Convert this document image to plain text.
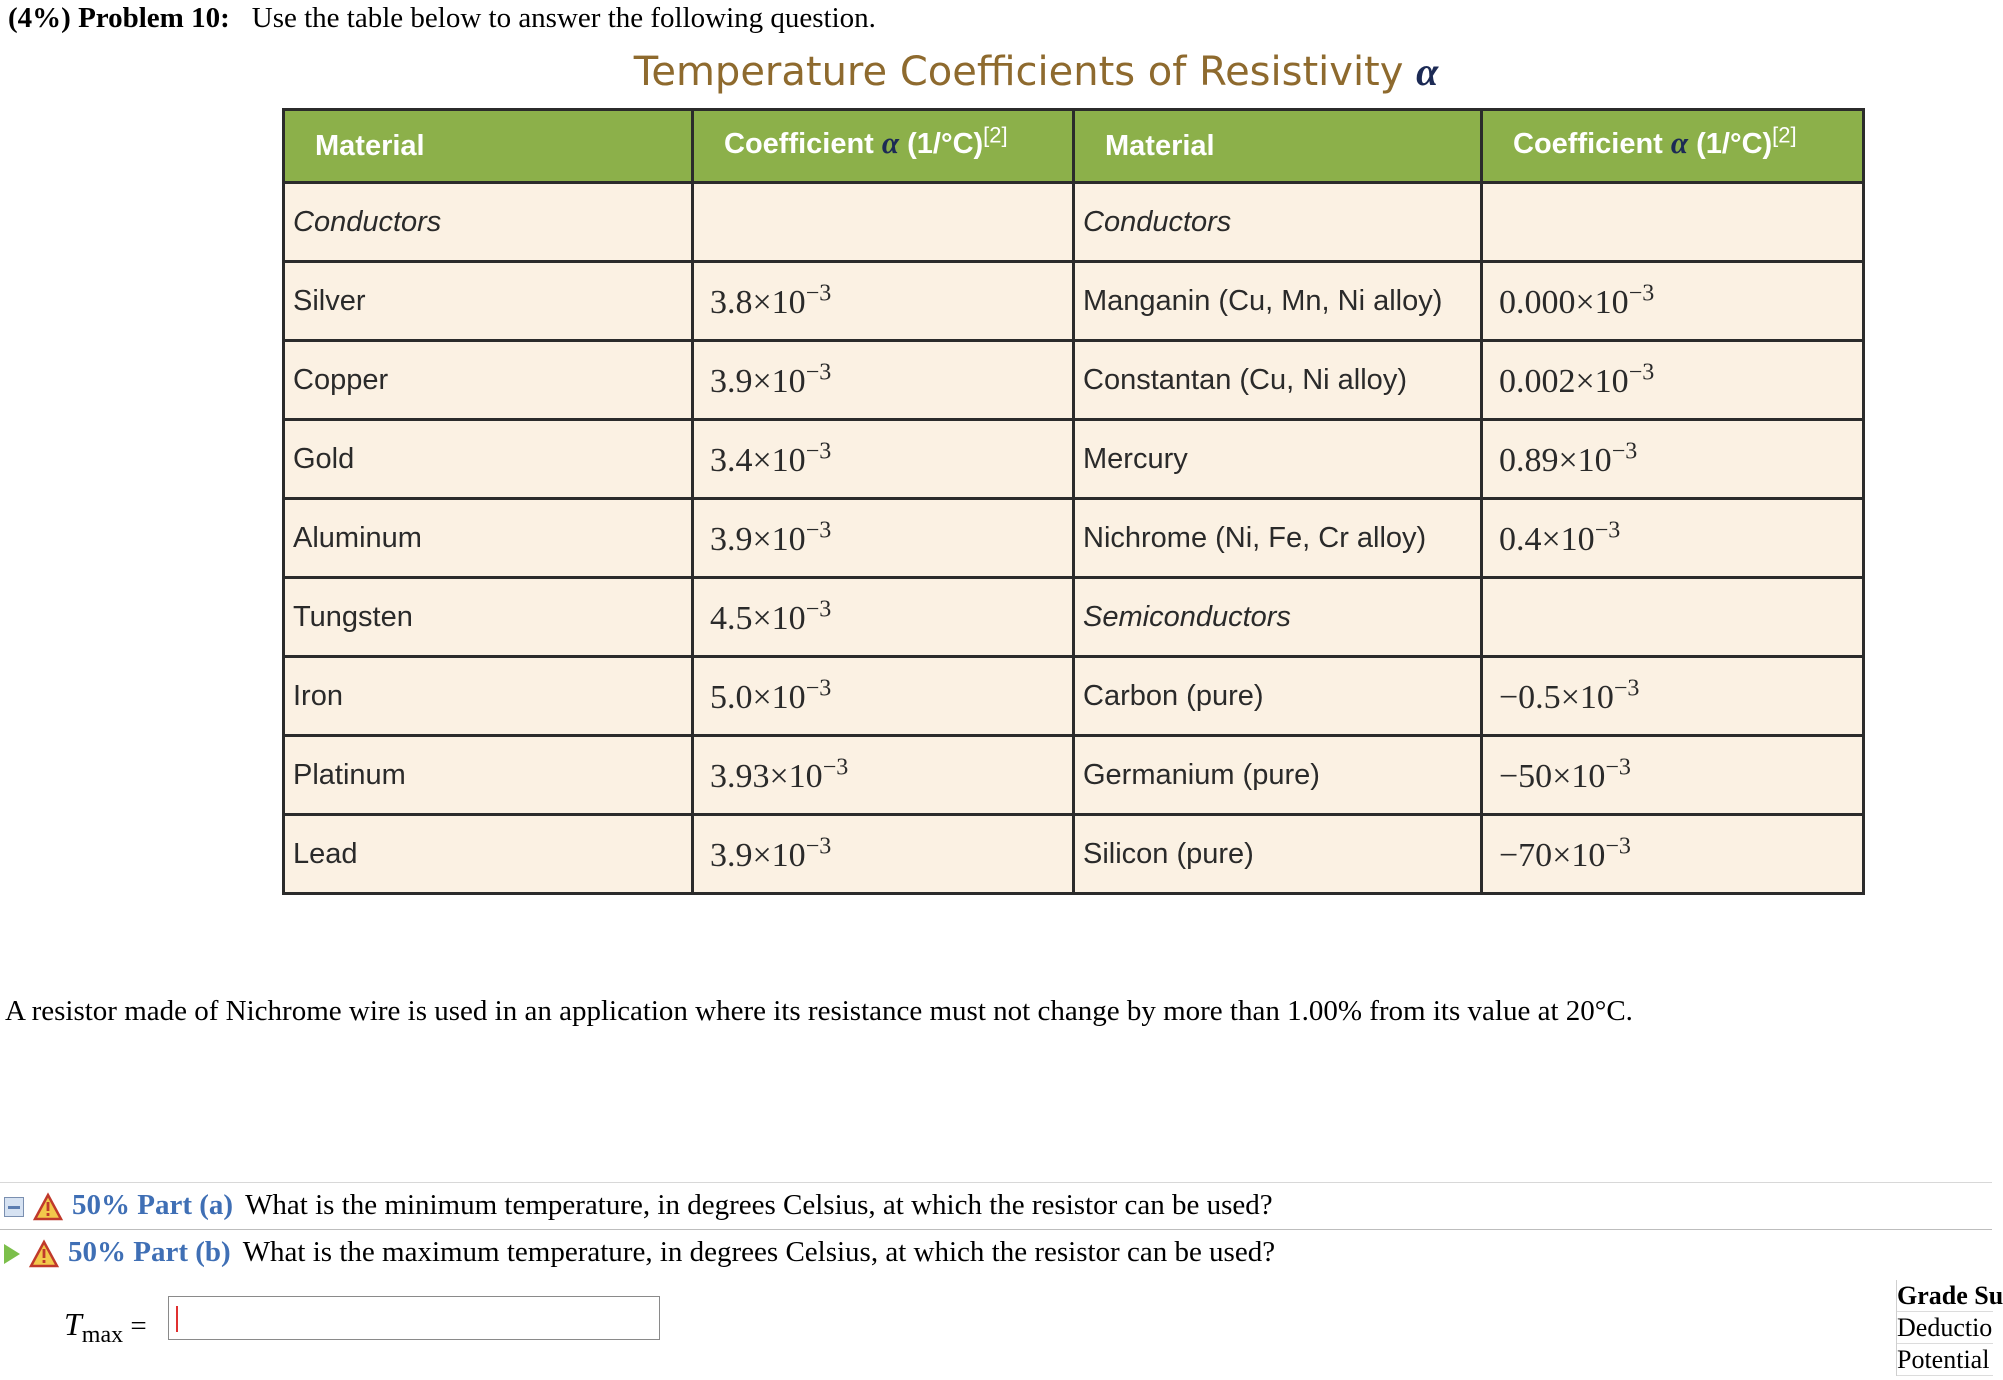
(4%) Problem 10: Use the table below to answer the following question.
Temperature Coefficients of Resistivity α
Material	Coefficient α (1/°C)[2]	Material	Coefficient α (1/°C)[2]
Conductors		Conductors	
Silver	$3.8\times 10^{-3}$	Manganin (Cu, Mn, Ni alloy)	$0.000\times 10^{-3}$
Copper	$3.9\times 10^{-3}$	Constantan (Cu, Ni alloy)	$0.002\times 10^{-3}$
Gold	$3.4\times 10^{-3}$	Mercury	$0.89\times 10^{-3}$
Aluminum	$3.9\times 10^{-3}$	Nichrome (Ni, Fe, Cr alloy)	$0.4\times 10^{-3}$
Tungsten	$4.5\times 10^{-3}$	Semiconductors	
Iron	$5.0\times 10^{-3}$	Carbon (pure)	$-0.5\times 10^{-3}$
Platinum	$3.93\times 10^{-3}$	Germanium (pure)	$-50\times 10^{-3}$
Lead	$3.9\times 10^{-3}$	Silicon (pure)	$-70\times 10^{-3}$
A resistor made of Nichrome wire is used in an application where its resistance must not change by more than 1.00% from its value at 20°C.
50% Part (a) What is the minimum temperature, in degrees Celsius, at which the resistor can be used?
50% Part (b) What is the maximum temperature, in degrees Celsius, at which the resistor can be used?
$T_{max}$ =
Grade Su
Deductio
Potential
